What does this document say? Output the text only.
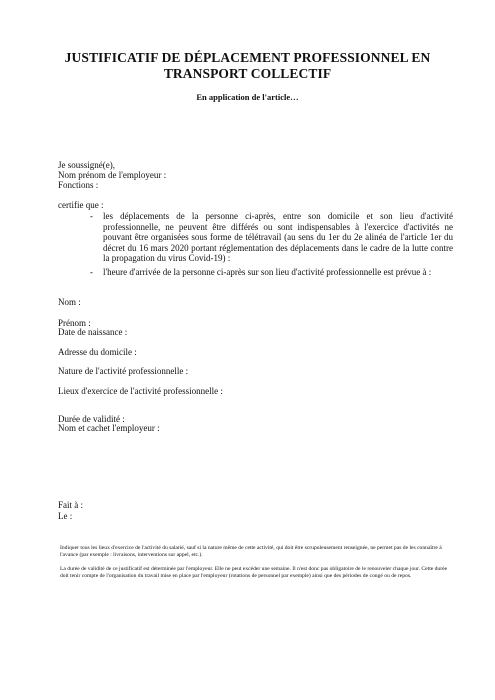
JUSTIFICATIF DE DÉPLACEMENT PROFESSIONNEL EN TRANSPORT COLLECTIF
En application de l'article…
Je soussigné(e),
Nom prénom de l'employeur :
Fonctions :
certifie que :
- les déplacements de la personne ci-après, entre son domicile et son lieu d'activité professionnelle, ne peuvent être différés ou sont indispensables à l'exercice d'activités ne pouvant être organisées sous forme de télétravail (au sens du 1er du 2e alinéa de l'article 1er du décret du 16 mars 2020 portant réglementation des déplacements dans le cadre de la lutte contre la propagation du virus Covid-19) :
- l'heure d'arrivée de la personne ci-après sur son lieu d'activité professionnelle est prévue à :
Nom :
Prénom :
Date de naissance :
Adresse du domicile :
Nature de l'activité professionnelle :
Lieux d'exercice de l'activité professionnelle :
Durée de validité :
Nom et cachet l'employeur :
Fait à :
Le :
Indiquer tous les lieux d'exercice de l'activité du salarié, sauf si la nature même de cette activité, qui doit être scrupuleusement renseignée, ne permet pas de les connaître à l'avance (par exemple : livraisons, interventions sur appel, etc.).
La durée de validité de ce justificatif est déterminée par l'employeur. Elle ne peut excéder une semaine. Il n'est donc pas obligatoire de le renouveler chaque jour. Cette durée doit tenir compte de l'organisation du travail mise en place par l'employeur (rotations de personnel par exemple) ainsi que des périodes de congé ou de repos.
